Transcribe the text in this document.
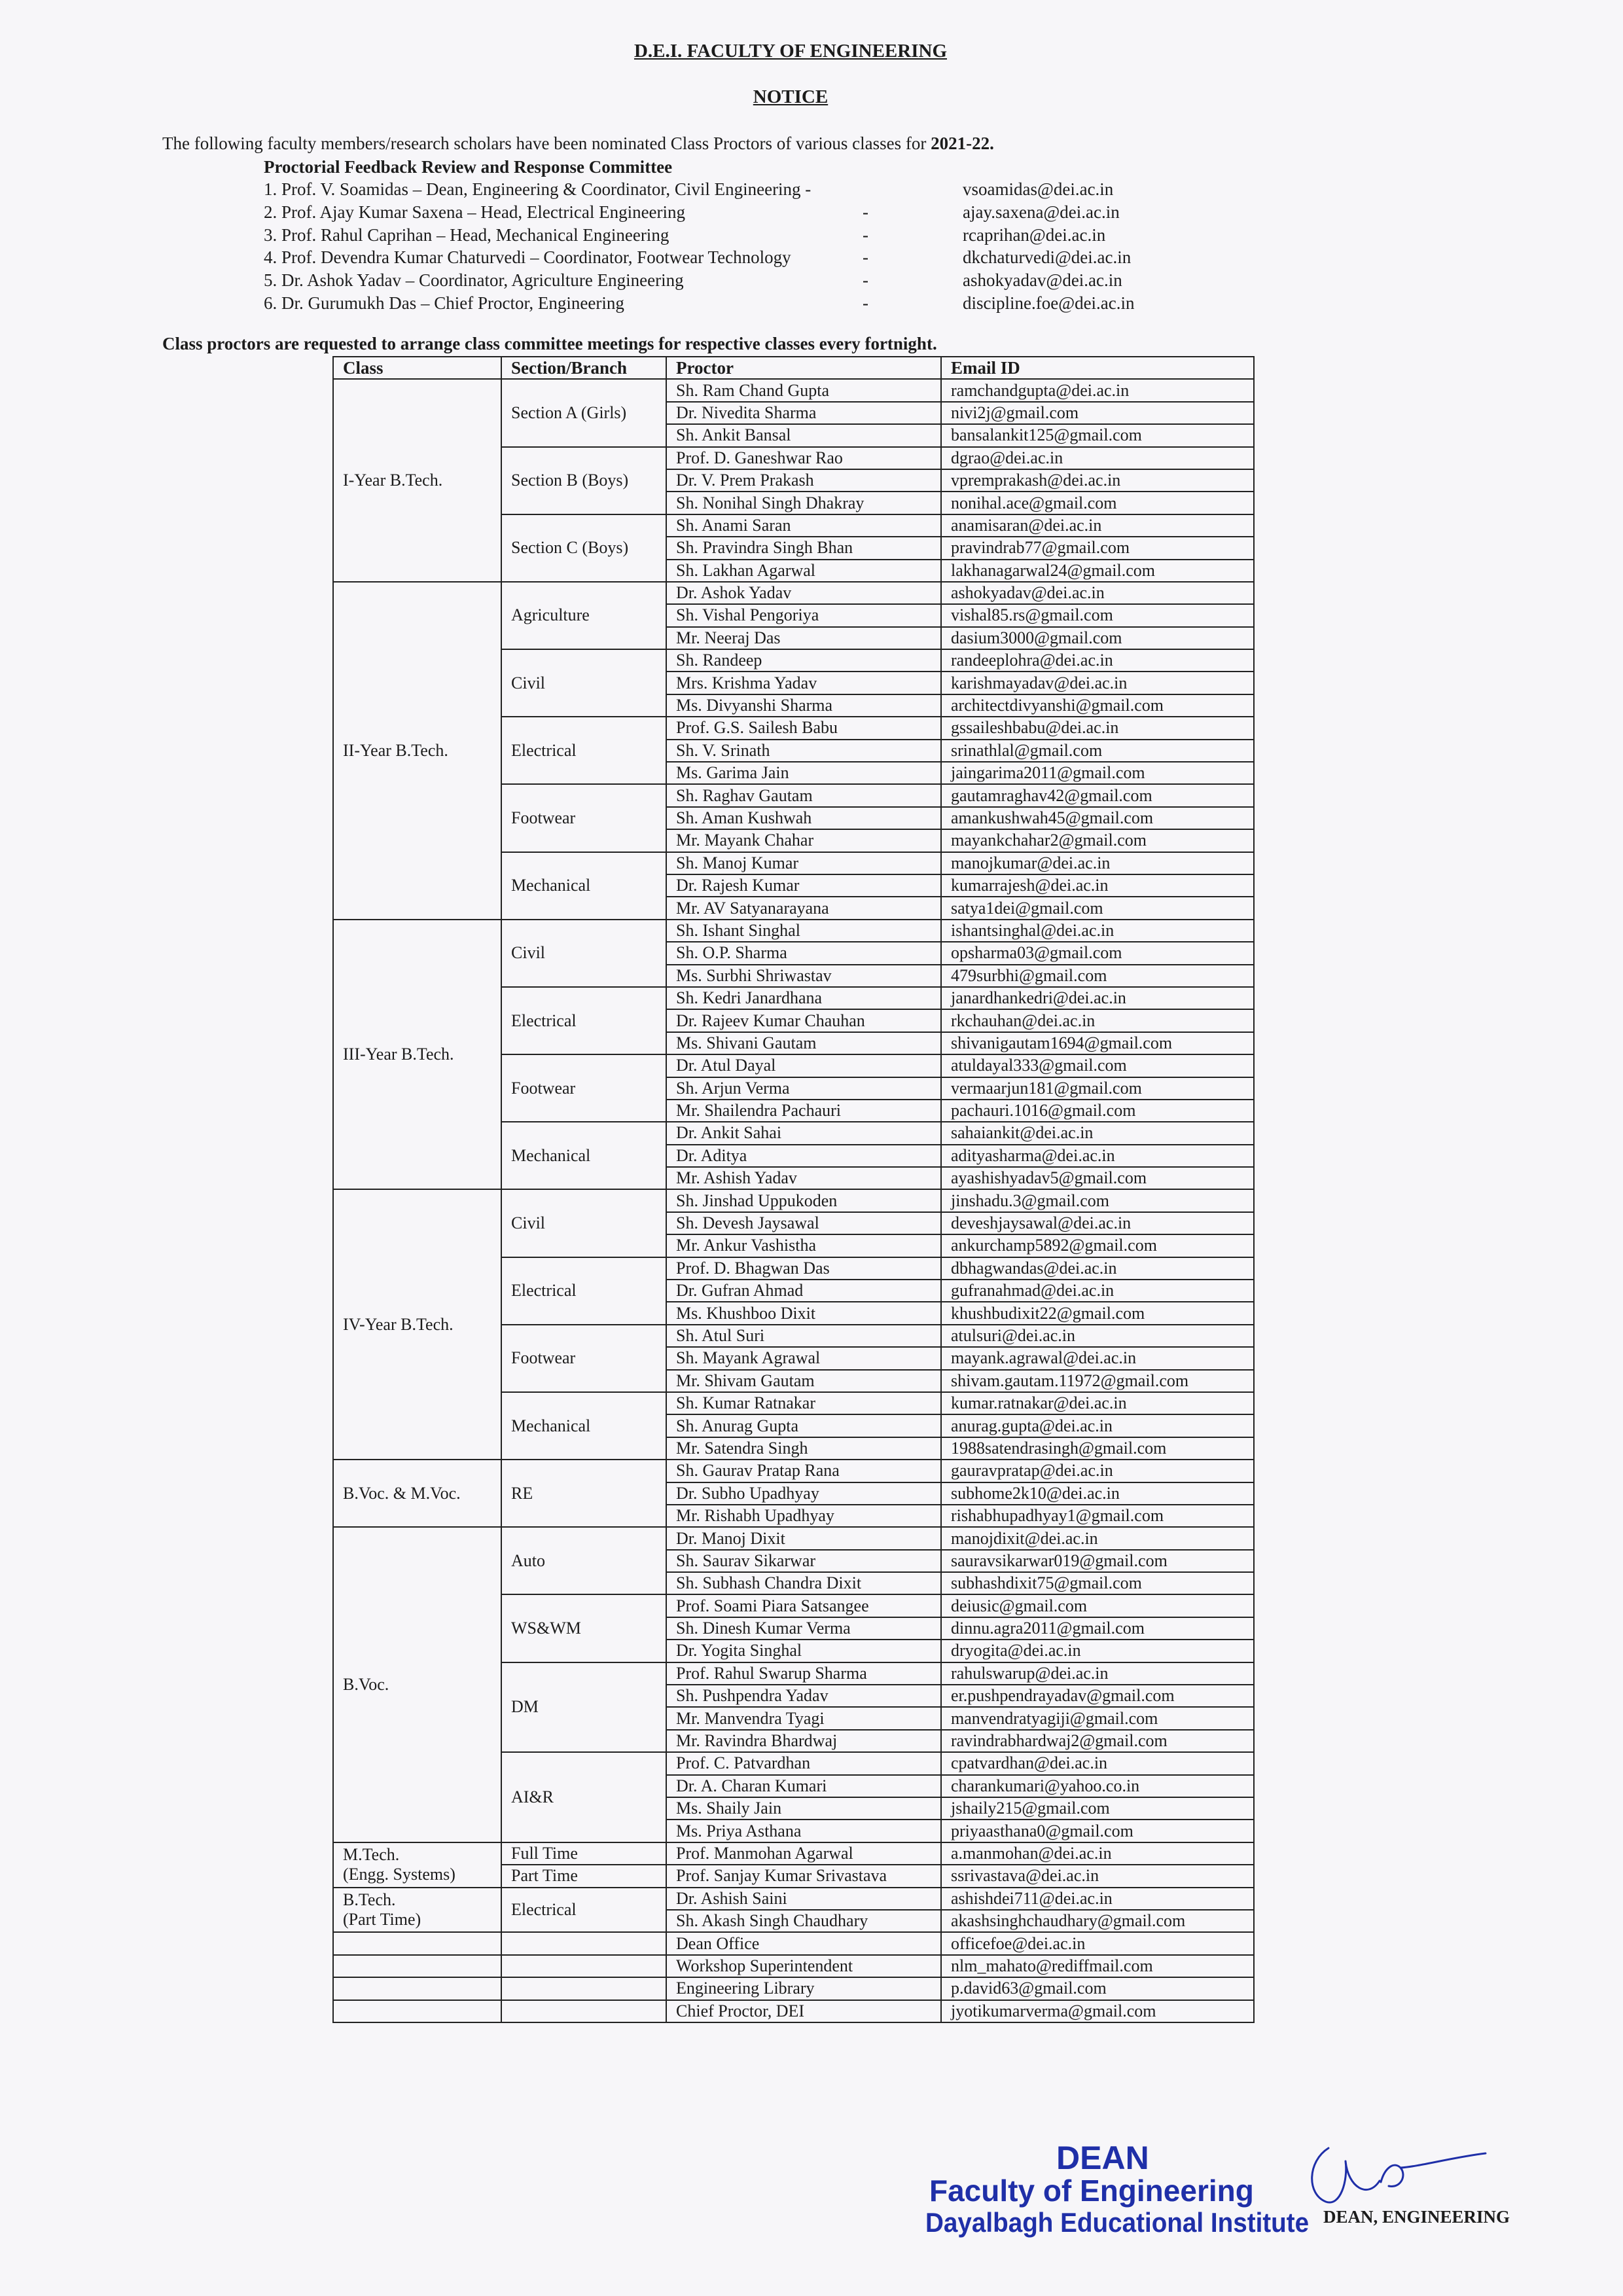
D.E.I. FACULTY OF ENGINEERING
NOTICE
The following faculty members/research scholars have been nominated Class Proctors of various classes for 2021-22.
Proctorial Feedback Review and Response Committee
1. Prof. V. Soamidas – Dean, Engineering & Coordinator, Civil Engineering -	vsoamidas@dei.ac.in
2. Prof. Ajay Kumar Saxena – Head, Electrical Engineering	-	ajay.saxena@dei.ac.in
3. Prof. Rahul Caprihan – Head, Mechanical Engineering	-	rcaprihan@dei.ac.in
4. Prof. Devendra Kumar Chaturvedi – Coordinator, Footwear Technology	-	dkchaturvedi@dei.ac.in
5. Dr. Ashok Yadav – Coordinator, Agriculture Engineering	-	ashokyadav@dei.ac.in
6. Dr. Gurumukh Das – Chief Proctor, Engineering	-	discipline.foe@dei.ac.in
Class proctors are requested to arrange class committee meetings for respective classes every fortnight.
Class	Section/Branch	Proctor	Email ID
I-Year B.Tech.	Section A (Girls)	Sh. Ram Chand Gupta	ramchandgupta@dei.ac.in
		Dr. Nivedita Sharma	nivi2j@gmail.com
		Sh. Ankit Bansal	bansalankit125@gmail.com
	Section B (Boys)	Prof. D. Ganeshwar Rao	dgrao@dei.ac.in
		Dr. V. Prem Prakash	vpremprakash@dei.ac.in
		Sh. Nonihal Singh Dhakray	nonihal.ace@gmail.com
	Section C (Boys)	Sh. Anami Saran	anamisaran@dei.ac.in
		Sh. Pravindra Singh Bhan	pravindrab77@gmail.com
		Sh. Lakhan Agarwal	lakhanagarwal24@gmail.com
II-Year B.Tech.	Agriculture	Dr. Ashok Yadav	ashokyadav@dei.ac.in
		Sh. Vishal Pengoriya	vishal85.rs@gmail.com
		Mr. Neeraj Das	dasium3000@gmail.com
	Civil	Sh. Randeep	randeeplohra@dei.ac.in
		Mrs. Krishma Yadav	karishmayadav@dei.ac.in
		Ms. Divyanshi Sharma	architectdivyanshi@gmail.com
	Electrical	Prof. G.S. Sailesh Babu	gssaileshbabu@dei.ac.in
		Sh. V. Srinath	srinathlal@gmail.com
		Ms. Garima Jain	jaingarima2011@gmail.com
	Footwear	Sh. Raghav Gautam	gautamraghav42@gmail.com
		Sh. Aman Kushwah	amankushwah45@gmail.com
		Mr. Mayank Chahar	mayankchahar2@gmail.com
	Mechanical	Sh. Manoj Kumar	manojkumar@dei.ac.in
		Dr. Rajesh Kumar	kumarrajesh@dei.ac.in
		Mr. AV Satyanarayana	satya1dei@gmail.com
III-Year B.Tech.	Civil	Sh. Ishant Singhal	ishantsinghal@dei.ac.in
		Sh. O.P. Sharma	opsharma03@gmail.com
		Ms. Surbhi Shriwastav	479surbhi@gmail.com
	Electrical	Sh. Kedri Janardhana	janardhankedri@dei.ac.in
		Dr. Rajeev Kumar Chauhan	rkchauhan@dei.ac.in
		Ms. Shivani Gautam	shivanigautam1694@gmail.com
	Footwear	Dr. Atul Dayal	atuldayal333@gmail.com
		Sh. Arjun Verma	vermaarjun181@gmail.com
		Mr. Shailendra Pachauri	pachauri.1016@gmail.com
	Mechanical	Dr. Ankit Sahai	sahaiankit@dei.ac.in
		Dr. Aditya	adityasharma@dei.ac.in
		Mr. Ashish Yadav	ayashishyadav5@gmail.com
IV-Year B.Tech.	Civil	Sh. Jinshad Uppukoden	jinshadu.3@gmail.com
		Sh. Devesh Jaysawal	deveshjaysawal@dei.ac.in
		Mr. Ankur Vashistha	ankurchamp5892@gmail.com
	Electrical	Prof. D. Bhagwan Das	dbhagwandas@dei.ac.in
		Dr. Gufran Ahmad	gufranahmad@dei.ac.in
		Ms. Khushboo Dixit	khushbudixit22@gmail.com
	Footwear	Sh. Atul Suri	atulsuri@dei.ac.in
		Sh. Mayank Agrawal	mayank.agrawal@dei.ac.in
		Mr. Shivam Gautam	shivam.gautam.11972@gmail.com
	Mechanical	Sh. Kumar Ratnakar	kumar.ratnakar@dei.ac.in
		Sh. Anurag Gupta	anurag.gupta@dei.ac.in
		Mr. Satendra Singh	1988satendrasingh@gmail.com
B.Voc. & M.Voc.	RE	Sh. Gaurav Pratap Rana	gauravpratap@dei.ac.in
		Dr. Subho Upadhyay	subhome2k10@dei.ac.in
		Mr. Rishabh Upadhyay	rishabhupadhyay1@gmail.com
B.Voc.	Auto	Dr. Manoj Dixit	manojdixit@dei.ac.in
		Sh. Saurav Sikarwar	sauravsikarwar019@gmail.com
		Sh. Subhash Chandra Dixit	subhashdixit75@gmail.com
	WS&WM	Prof. Soami Piara Satsangee	deiusic@gmail.com
		Sh. Dinesh Kumar Verma	dinnu.agra2011@gmail.com
		Dr. Yogita Singhal	dryogita@dei.ac.in
	DM	Prof. Rahul Swarup Sharma	rahulswarup@dei.ac.in
		Sh. Pushpendra Yadav	er.pushpendrayadav@gmail.com
		Mr. Manvendra Tyagi	manvendratyagiji@gmail.com
		Mr. Ravindra Bhardwaj	ravindrabhardwaj2@gmail.com
	AI&R	Prof. C. Patvardhan	cpatvardhan@dei.ac.in
		Dr. A. Charan Kumari	charankumari@yahoo.co.in
		Ms. Shaily Jain	jshaily215@gmail.com
		Ms. Priya Asthana	priyaasthana0@gmail.com

M.Tech.
(Engg. Systems)	Full Time	Prof. Manmohan Agarwal	a.manmohan@dei.ac.in
	Part Time	Prof. Sanjay Kumar Srivastava	ssrivastava@dei.ac.in

B.Tech.
(Part Time)	Electrical	Dr. Ashish Saini	ashishdei711@dei.ac.in
		Sh. Akash Singh Chaudhary	akashsinghchaudhary@gmail.com
		Dean Office	officefoe@dei.ac.in
		Workshop Superintendent	nlm_mahato@rediffmail.com
		Engineering Library	p.david63@gmail.com
		Chief Proctor, DEI	jyotikumarverma@gmail.com
DEAN
Faculty of Engineering
Dayalbagh Educational Institute DEAN, ENGINEERING
